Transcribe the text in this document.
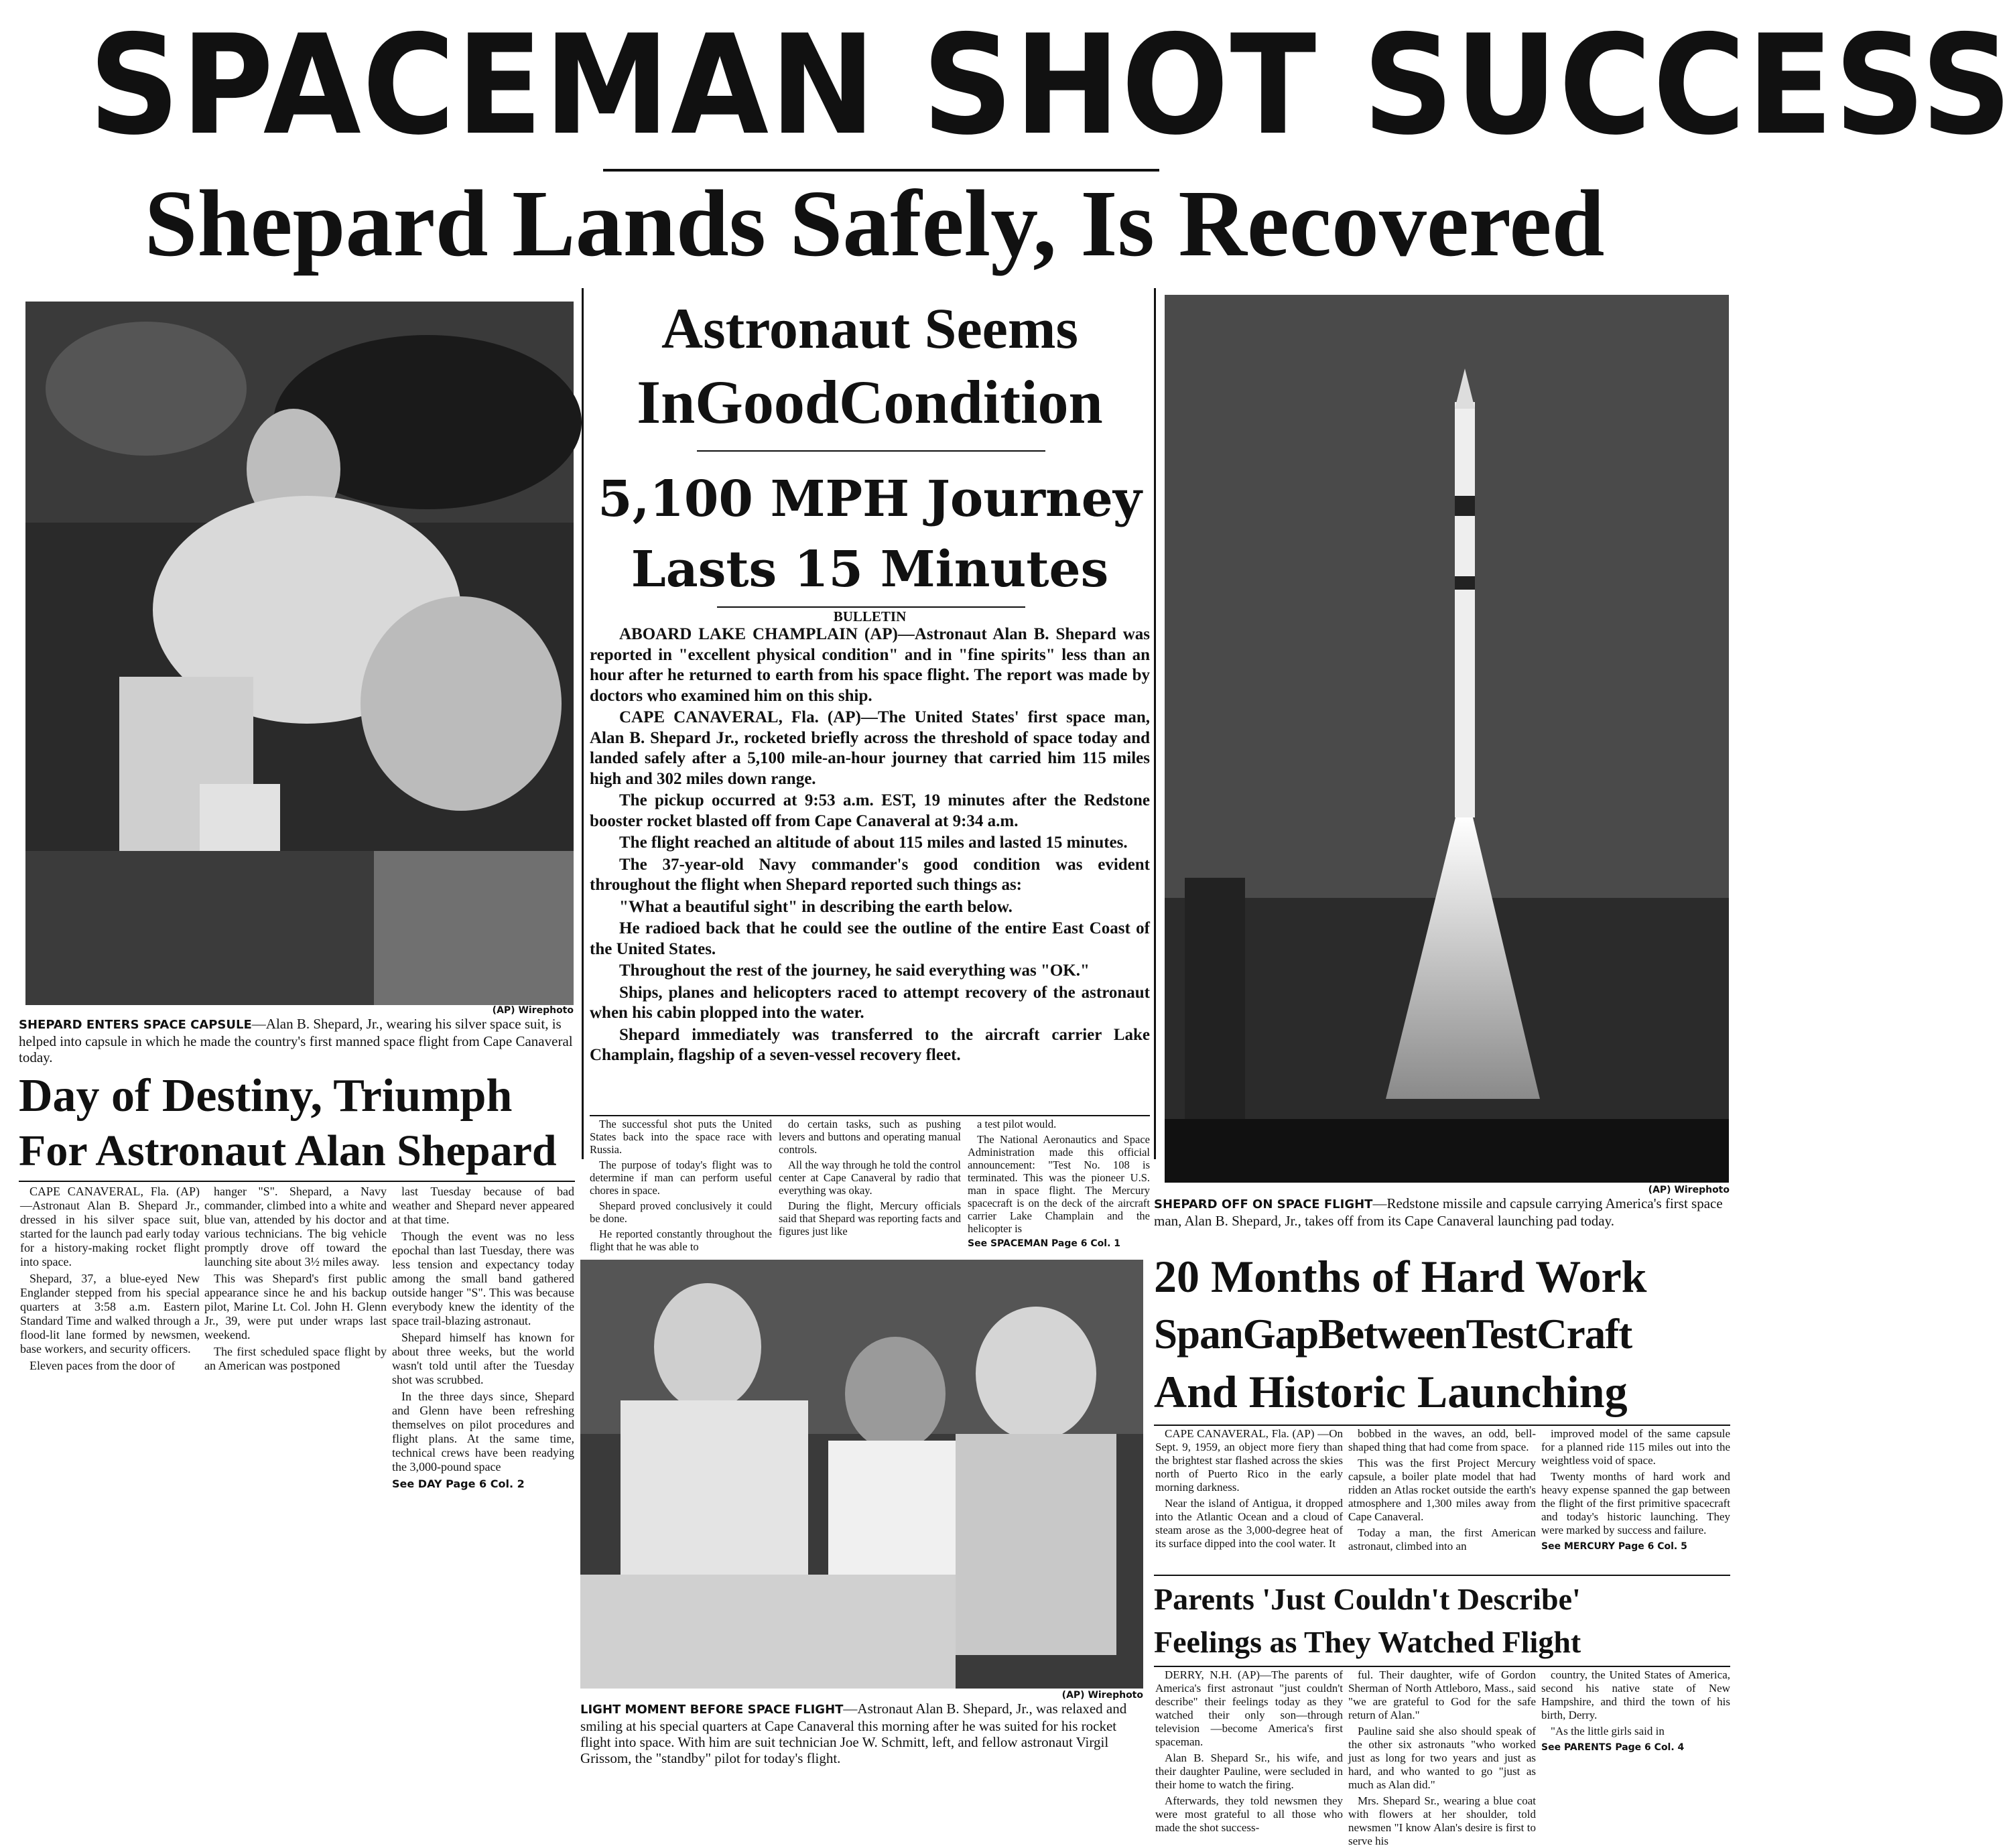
SPACEMAN SHOT SUCCESS
Shepard Lands Safely, Is Recovered
(AP) Wirephoto
SHEPARD ENTERS SPACE CAPSULE—Alan B. Shepard, Jr., wearing his silver space suit, is helped into capsule in which he made the country's first manned space flight from Cape Canaveral today.
Day of Destiny, Triumph
For Astronaut Alan Shepard

CAPE CANAVERAL, Fla. (AP) —Astronaut Alan B. Shepard Jr., dressed in his silver space suit, started for the launch pad early today for a history-making rocket flight into space.

Shepard, 37, a blue-eyed New Englander stepped from his special quarters at 3:58 a.m. Eastern Standard Time and walked through a flood-lit lane formed by newsmen, base workers, and security officers.

Eleven paces from the door of

hanger "S". Shepard, a Navy commander, climbed into a white and blue van, attended by his doctor and various technicians. The big vehicle promptly drove off toward the launching site about 3½ miles away.

This was Shepard's first public appearance since he and his backup pilot, Marine Lt. Col. John H. Glenn Jr., 39, were put under wraps last weekend.

The first scheduled space flight by an American was postponed

last Tuesday because of bad weather and Shepard never appeared at that time.

Though the event was no less epochal than last Tuesday, there was less tension and expectancy today among the small band gathered outside hanger "S". This was because everybody knew the identity of the space trail-blazing astronaut.

Shepard himself has known for about three weeks, but the world wasn't told until after the Tuesday shot was scrubbed.

In the three days since, Shepard and Glenn have been refreshing themselves on pilot procedures and flight plans. At the same time, technical crews have been readying the 3,000-pound space

See DAY Page 6 Col. 2
Astronaut Seems
InGoodCondition
5,100 MPH Journey
Lasts 15 Minutes
BULLETIN

ABOARD LAKE CHAMPLAIN (AP)—Astronaut Alan B. Shepard was reported in "excellent physical condition" and in "fine spirits" less than an hour after he returned to earth from his space flight. The report was made by doctors who examined him on this ship.

CAPE CANAVERAL, Fla. (AP)—The United States' first space man, Alan B. Shepard Jr., rocketed briefly across the threshold of space today and landed safely after a 5,100 mile-an-hour journey that carried him 115 miles high and 302 miles down range.

The pickup occurred at 9:53 a.m. EST, 19 minutes after the Redstone booster rocket blasted off from Cape Canaveral at 9:34 a.m.

The flight reached an altitude of about 115 miles and lasted 15 minutes.

The 37-year-old Navy commander's good condition was evident throughout the flight when Shepard reported such things as:

"What a beautiful sight" in describing the earth below.

He radioed back that he could see the outline of the entire East Coast of the United States.

Throughout the rest of the journey, he said everything was "OK."

Ships, planes and helicopters raced to attempt recovery of the astronaut when his cabin plopped into the water.

Shepard immediately was transferred to the aircraft carrier Lake Champlain, flagship of a seven-vessel recovery fleet.

The successful shot puts the United States back into the space race with Russia.

The purpose of today's flight was to determine if man can perform useful chores in space.

Shepard proved conclusively it could be done.

He reported constantly throughout the flight that he was able to

do certain tasks, such as pushing levers and buttons and operating manual controls.

All the way through he told the control center at Cape Canaveral by radio that everything was okay.

During the flight, Mercury officials said that Shepard was reporting facts and figures just like

a test pilot would.

The National Aeronautics and Space Administration made this official announcement: "Test No. 108 is terminated. This was the pioneer U.S. man in space flight. The Mercury spacecraft is on the deck of the aircraft carrier Lake Champlain and the helicopter is

See SPACEMAN Page 6 Col. 1
(AP) Wirephoto
LIGHT MOMENT BEFORE SPACE FLIGHT—Astronaut Alan B. Shepard, Jr., was relaxed and smiling at his special quarters at Cape Canaveral this morning after he was suited for his rocket flight into space. With him are suit technician Joe W. Schmitt, left, and fellow astronaut Virgil Grissom, the "standby" pilot for today's flight.
(AP) Wirephoto
SHEPARD OFF ON SPACE FLIGHT—Redstone missile and capsule carrying America's first space man, Alan B. Shepard, Jr., takes off from its Cape Canaveral launching pad today.
20 Months of Hard Work
SpanGapBetweenTestCraft
And Historic Launching

CAPE CANAVERAL, Fla. (AP) —On Sept. 9, 1959, an object more fiery than the brightest star flashed across the skies north of Puerto Rico in the early morning darkness.

Near the island of Antigua, it dropped into the Atlantic Ocean and a cloud of steam arose as the 3,000-degree heat of its surface dipped into the cool water. It

bobbed in the waves, an odd, bell-shaped thing that had come from space.

This was the first Project Mercury capsule, a boiler plate model that had ridden an Atlas rocket outside the earth's atmosphere and 1,300 miles away from Cape Canaveral.

Today a man, the first American astronaut, climbed into an

improved model of the same capsule for a planned ride 115 miles out into the weightless void of space.

Twenty months of hard work and heavy expense spanned the gap between the flight of the first primitive spacecraft and today's historic launching. They were marked by success and failure.

See MERCURY Page 6 Col. 5
Parents 'Just Couldn't Describe'
Feelings as They Watched Flight

DERRY, N.H. (AP)—The parents of America's first astronaut "just couldn't describe" their feelings today as they watched their only son—through television —become America's first spaceman.

Alan B. Shepard Sr., his wife, and their daughter Pauline, were secluded in their home to watch the firing.

Afterwards, they told newsmen they were most grateful to all those who made the shot success-

ful. Their daughter, wife of Gordon Sherman of North Attleboro, Mass., said "we are grateful to God for the safe return of Alan."

Pauline said she also should speak of the other six astronauts "who worked just as long for two years and just as hard, and who wanted to go "just as much as Alan did."

Mrs. Shepard Sr., wearing a blue coat with flowers at her shoulder, told newsmen "I know Alan's desire is first to serve his

country, the United States of America, second his native state of New Hampshire, and third the town of his birth, Derry.

"As the little girls said in

See PARENTS Page 6 Col. 4
